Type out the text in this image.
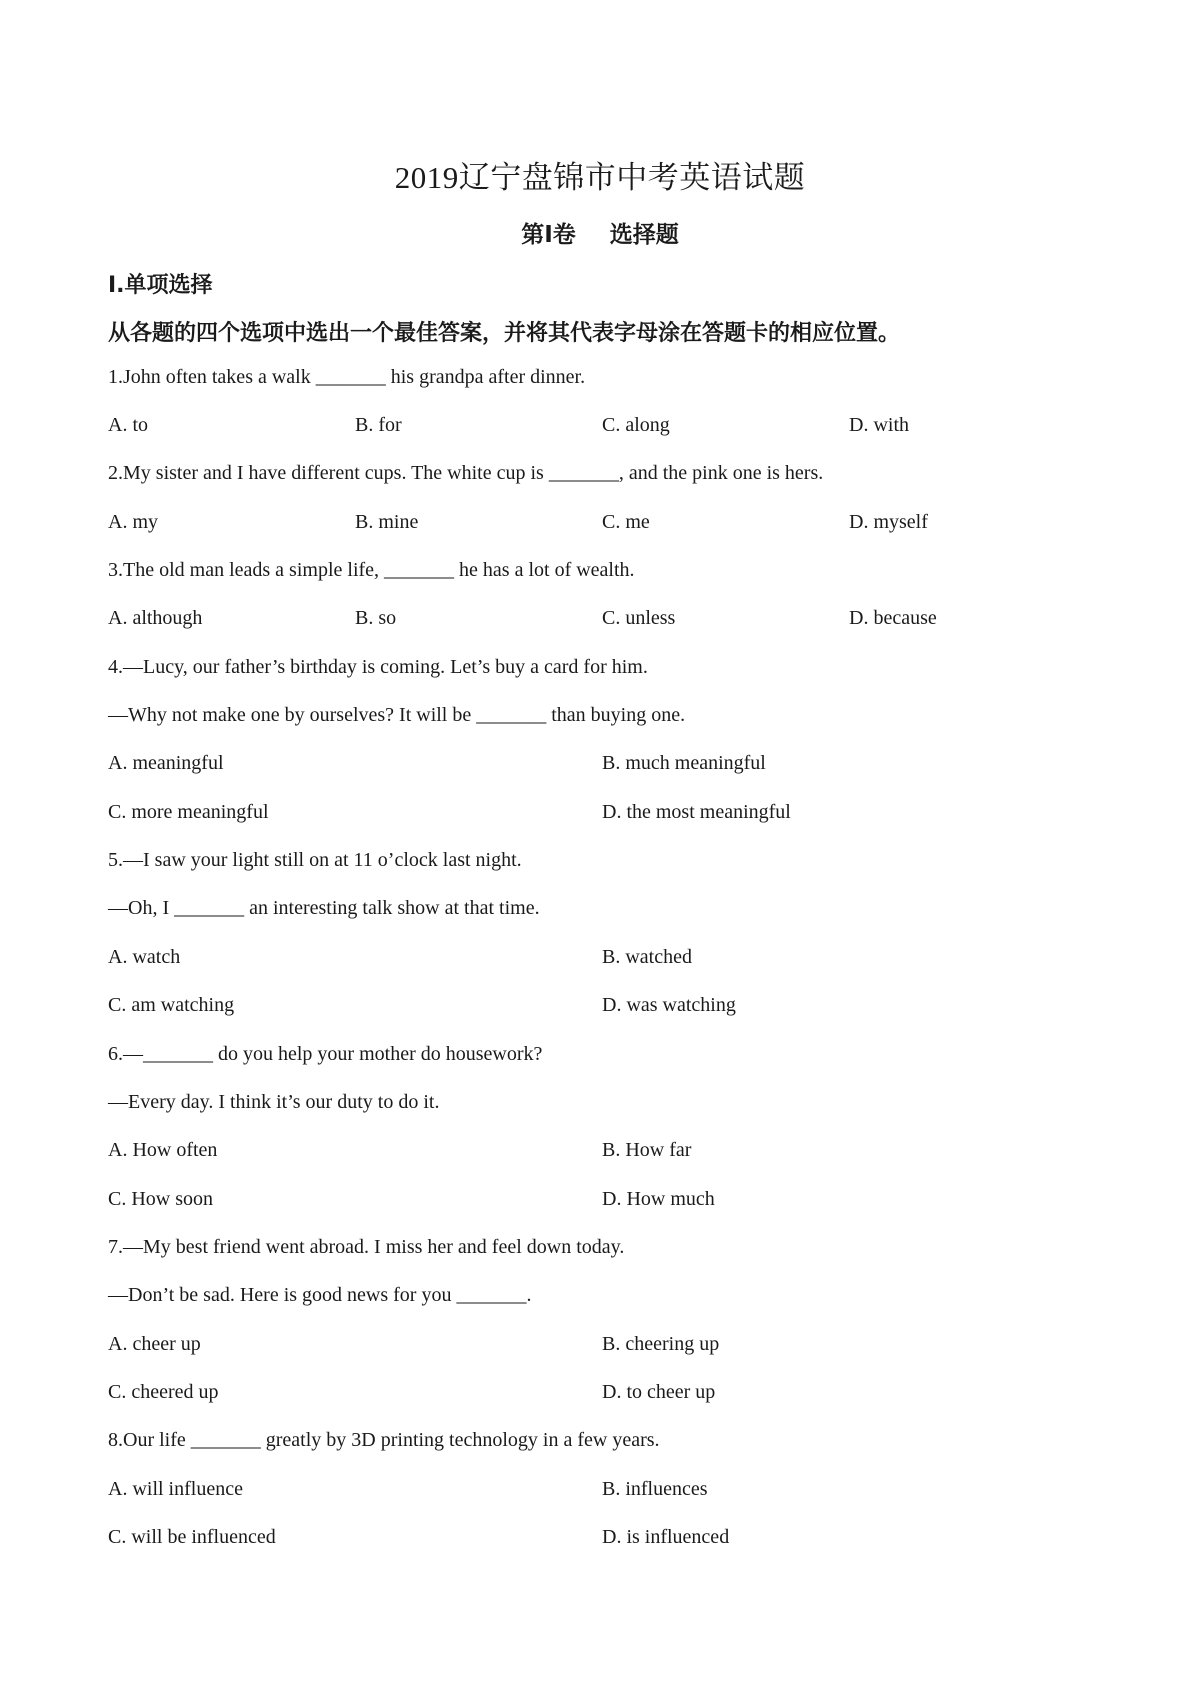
2019辽宁盘锦市中考英语试题
第Ⅰ卷 选择题
Ⅰ.单项选择
从各题的四个选项中选出一个最佳答案，并将其代表字母涂在答题卡的相应位置。
1.John often takes a walk _______ his grandpa after dinner.
A. to	B. for	C. along	D. with
2.My sister and I have different cups. The white cup is _______, and the pink one is hers.
A. my	B. mine	C. me	D. myself
3.The old man leads a simple life, _______ he has a lot of wealth.
A. although	B. so	C. unless	D. because
4.—Lucy, our father’s birthday is coming. Let’s buy a card for him.
—Why not make one by ourselves? It will be _______ than buying one.
A. meaningful	B. much meaningful
C. more meaningful	D. the most meaningful
5.—I saw your light still on at 11 o’clock last night.
—Oh, I _______ an interesting talk show at that time.
A. watch	B. watched
C. am watching	D. was watching
6.—_______ do you help your mother do housework?
—Every day. I think it’s our duty to do it.
A. How often	B. How far
C. How soon	D. How much
7.—My best friend went abroad. I miss her and feel down today.
—Don’t be sad. Here is good news for you _______.
A. cheer up	B. cheering up
C. cheered up	D. to cheer up
8.Our life _______ greatly by 3D printing technology in a few years.
A. will influence	B. influences
C. will be influenced	D. is influenced
